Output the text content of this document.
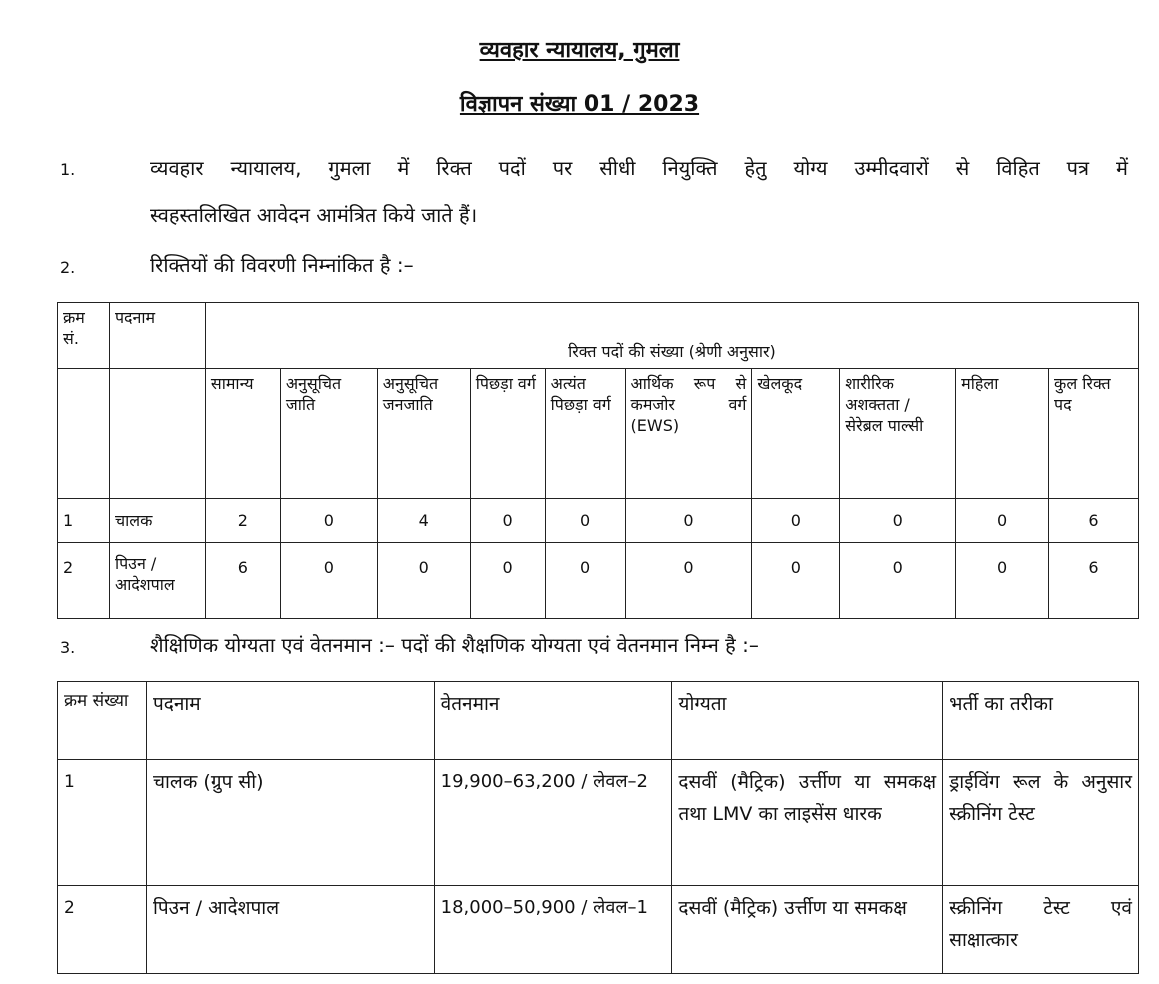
व्यवहार न्यायालय, गुमला
विज्ञापन संख्या 01 / 2023
1.	व्यवहार न्यायालय, गुमला में रिक्त पदों पर सीधी नियुक्ति हेतु योग्य उम्मीदवारों से विहित पत्र में
स्वहस्तलिखित आवेदन आमंत्रित किये जाते हैं।
2.	रिक्तियों की विवरणी निम्नांकित है :–
क्रम सं.	पदनाम	रिक्त पदों की संख्या (श्रेणी अनुसार)									
		सामान्य	अनुसूचित जाति	अनुसूचित जनजाति	पिछड़ा वर्ग	अत्यंत पिछड़ा वर्ग	आर्थिक रूप से कमजोर वर्ग (EWS)	खेलकूद	शारीरिक अशक्तता / सेरेब्रल पाल्सी	महिला	कुल रिक्त पद
1	चालक	2	0	4	0	0	0	0	0	0	6
2	पिउन / आदेशपाल	6	0	0	0	0	0	0	0	0	6
3.	शैक्षिणिक योग्यता एवं वेतनमान :– पदों की शैक्षणिक योग्यता एवं वेतनमान निम्न है :–
क्रम संख्या	पदनाम	वेतनमान	योग्यता	भर्ती का तरीका
1	चालक (ग्रुप सी)	19,900–63,200 / लेवल–2	दसवीं (मैट्रिक) उर्त्तीण या समकक्ष तथा LMV का लाइसेंस धारक	ड्राईविंग रूल के अनुसार स्क्रीनिंग टेस्ट
2	पिउन / आदेशपाल	18,000–50,900 / लेवल–1	दसवीं (मैट्रिक) उर्त्तीण या समकक्ष	स्क्रीनिंग टेस्ट एवं साक्षात्कार
